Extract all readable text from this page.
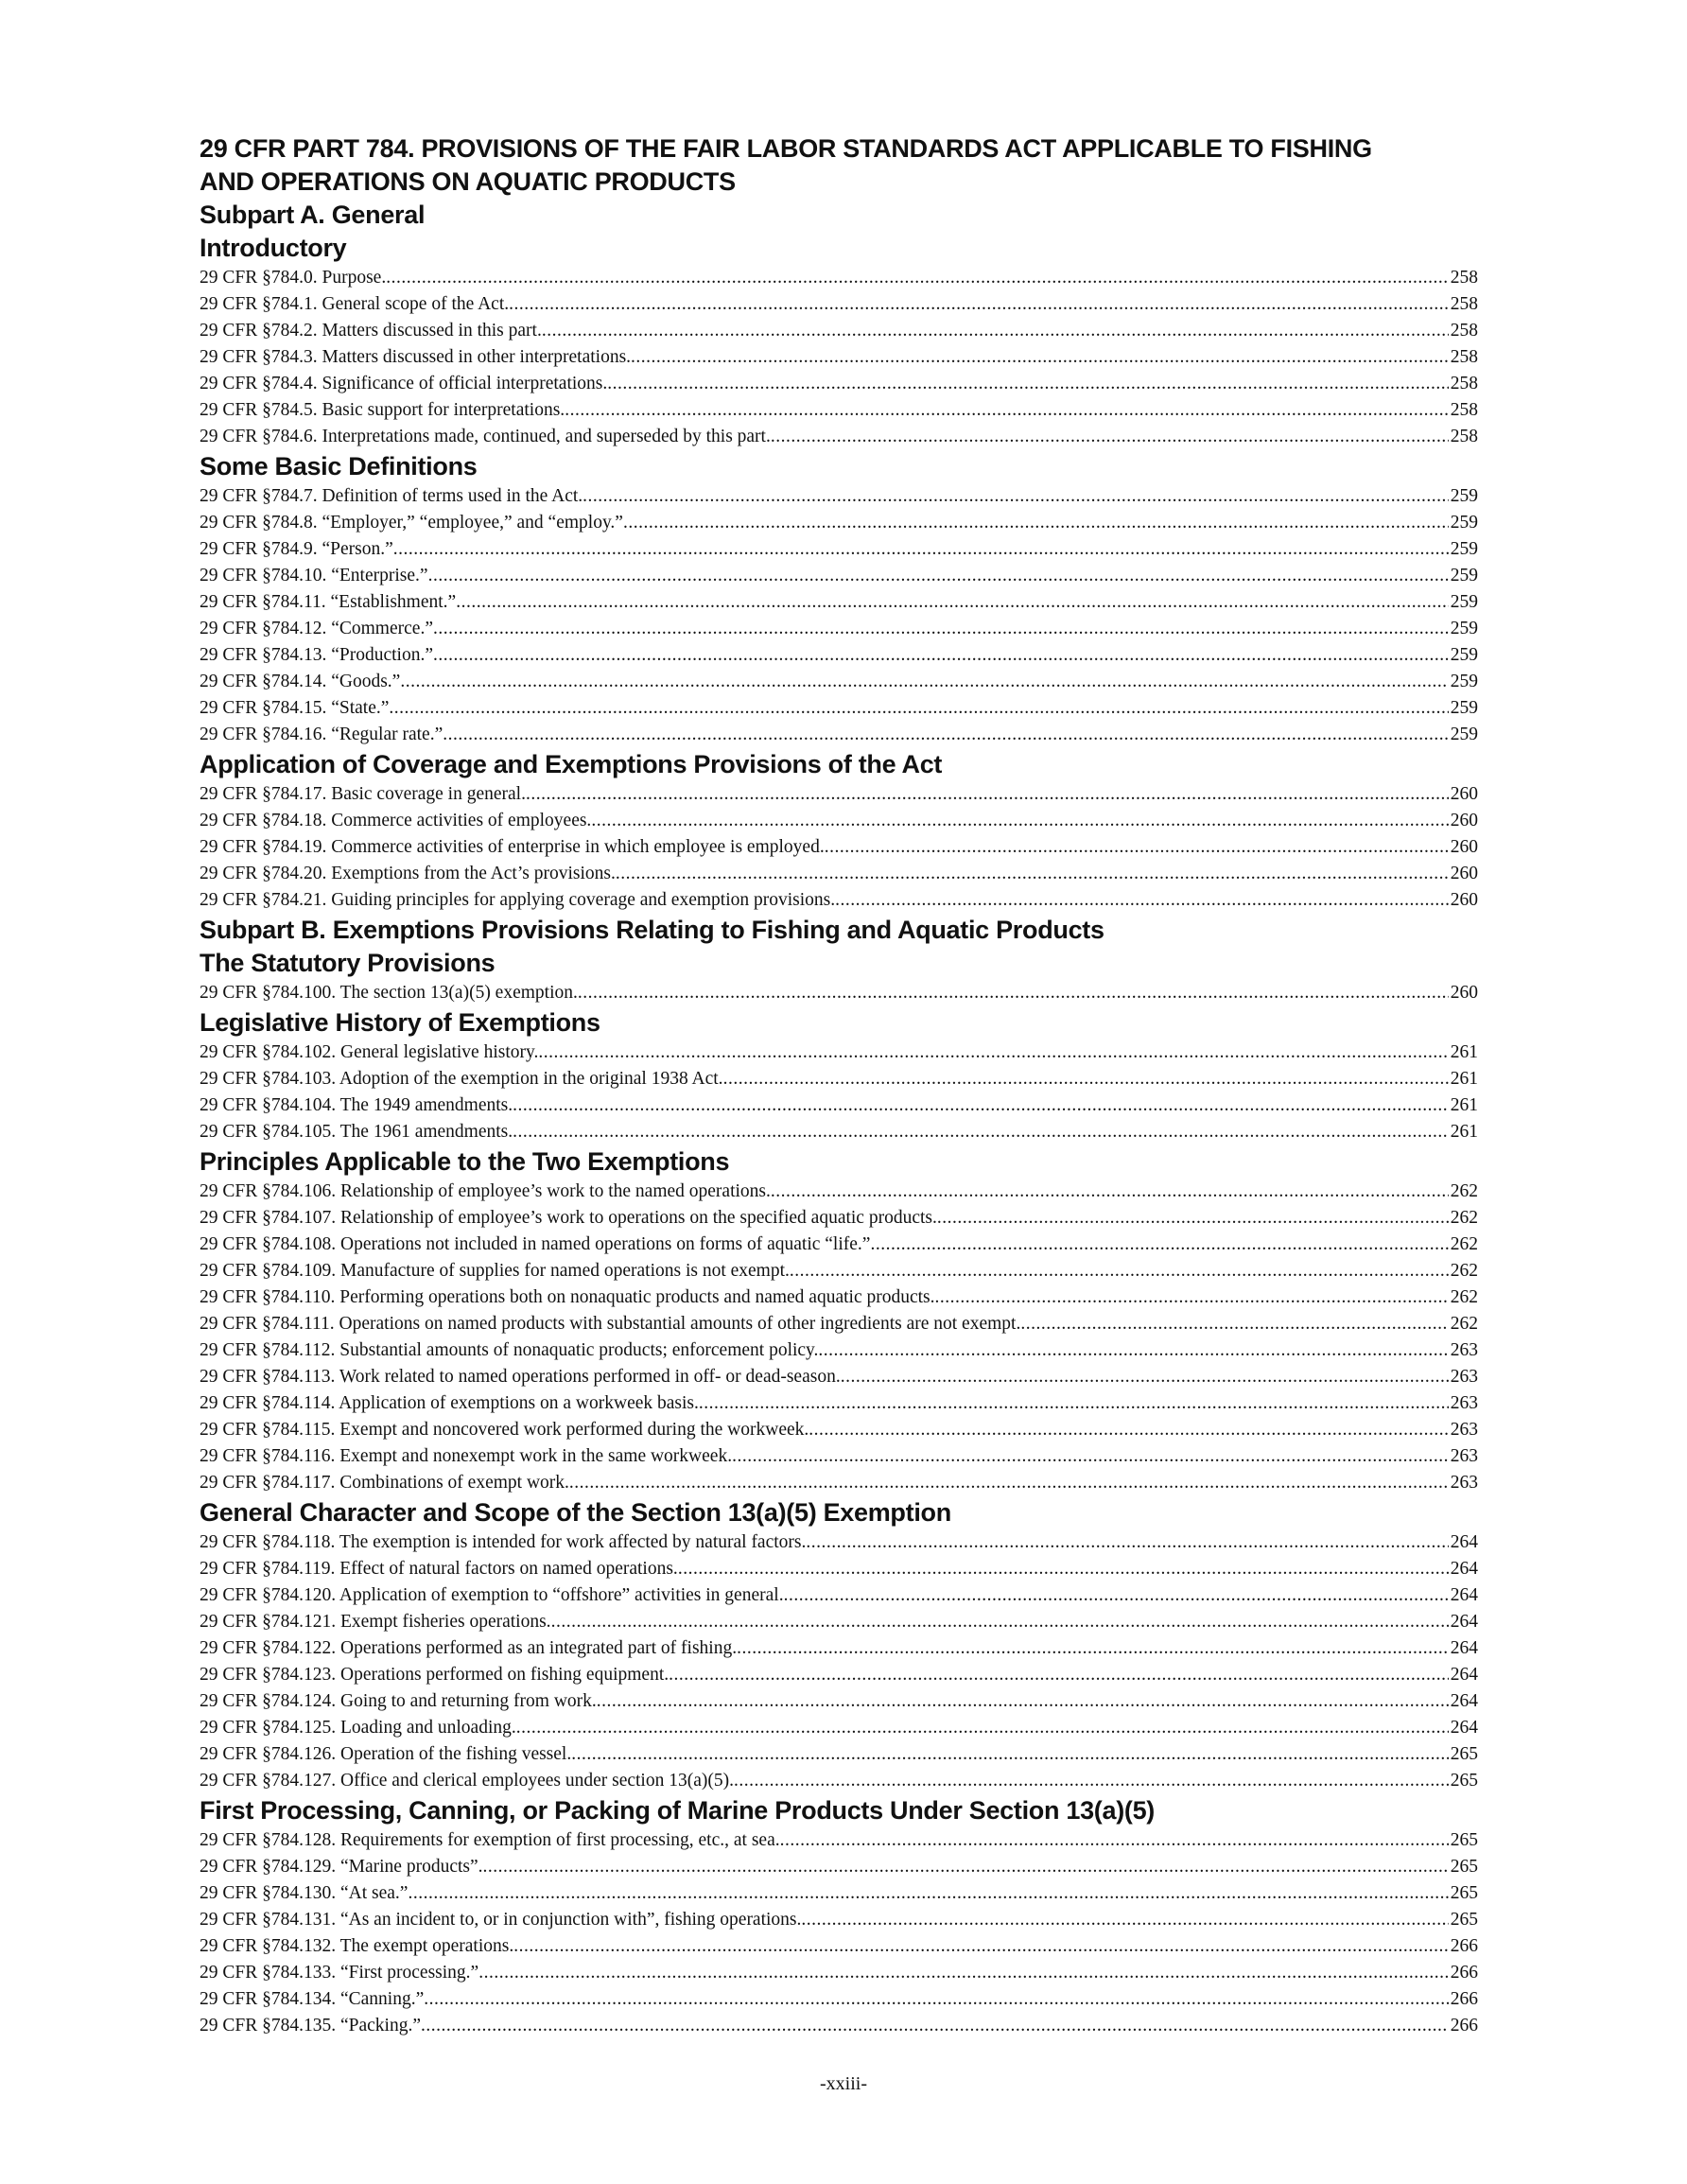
29 CFR PART 784. PROVISIONS OF THE FAIR LABOR STANDARDS ACT APPLICABLE TO FISHING
AND OPERATIONS ON AQUATIC PRODUCTS
Subpart A. General
Introductory
29 CFR §784.0. Purpose. .....	258
29 CFR §784.1. General scope of the Act. .....	258
29 CFR §784.2. Matters discussed in this part. .....	258
29 CFR §784.3. Matters discussed in other interpretations. .....	258
29 CFR §784.4. Significance of official interpretations. .....	258
29 CFR §784.5. Basic support for interpretations. .....	258
29 CFR §784.6. Interpretations made, continued, and superseded by this part. .....	258
Some Basic Definitions
29 CFR §784.7. Definition of terms used in the Act. .....	259
29 CFR §784.8. “Employer,” “employee,” and “employ.” .....	259
29 CFR §784.9. “Person.” .....	259
29 CFR §784.10. “Enterprise.” .....	259
29 CFR §784.11. “Establishment.” .....	259
29 CFR §784.12. “Commerce.” .....	259
29 CFR §784.13. “Production.” .....	259
29 CFR §784.14. “Goods.” .....	259
29 CFR §784.15. “State.” .....	259
29 CFR §784.16. “Regular rate.” .....	259
Application of Coverage and Exemptions Provisions of the Act
29 CFR §784.17. Basic coverage in general. .....	260
29 CFR §784.18. Commerce activities of employees. .....	260
29 CFR §784.19. Commerce activities of enterprise in which employee is employed. .....	260
29 CFR §784.20. Exemptions from the Act’s provisions. .....	260
29 CFR §784.21. Guiding principles for applying coverage and exemption provisions. .....	260
Subpart B. Exemptions Provisions Relating to Fishing and Aquatic Products
The Statutory Provisions
29 CFR §784.100. The section 13(a)(5) exemption. .....	260
Legislative History of Exemptions
29 CFR §784.102. General legislative history. .....	261
29 CFR §784.103. Adoption of the exemption in the original 1938 Act. .....	261
29 CFR §784.104. The 1949 amendments. .....	261
29 CFR §784.105. The 1961 amendments. .....	261
Principles Applicable to the Two Exemptions
29 CFR §784.106. Relationship of employee’s work to the named operations. .....	262
29 CFR §784.107. Relationship of employee’s work to operations on the specified aquatic products. .....	262
29 CFR §784.108. Operations not included in named operations on forms of aquatic “life.” .....	262
29 CFR §784.109. Manufacture of supplies for named operations is not exempt. .....	262
29 CFR §784.110. Performing operations both on nonaquatic products and named aquatic products. .....	262
29 CFR §784.111. Operations on named products with substantial amounts of other ingredients are not exempt. .....	262
29 CFR §784.112. Substantial amounts of nonaquatic products; enforcement policy. .....	263
29 CFR §784.113. Work related to named operations performed in off- or dead-season. .....	263
29 CFR §784.114. Application of exemptions on a workweek basis. .....	263
29 CFR §784.115. Exempt and noncovered work performed during the workweek. .....	263
29 CFR §784.116. Exempt and nonexempt work in the same workweek. .....	263
29 CFR §784.117. Combinations of exempt work. .....	263
General Character and Scope of the Section 13(a)(5) Exemption
29 CFR §784.118. The exemption is intended for work affected by natural factors. .....	264
29 CFR §784.119. Effect of natural factors on named operations. .....	264
29 CFR §784.120. Application of exemption to “offshore” activities in general. .....	264
29 CFR §784.121. Exempt fisheries operations. .....	264
29 CFR §784.122. Operations performed as an integrated part of fishing. .....	264
29 CFR §784.123. Operations performed on fishing equipment. .....	264
29 CFR §784.124. Going to and returning from work. .....	264
29 CFR §784.125. Loading and unloading. .....	264
29 CFR §784.126. Operation of the fishing vessel. .....	265
29 CFR §784.127. Office and clerical employees under section 13(a)(5). .....	265
First Processing, Canning, or Packing of Marine Products Under Section 13(a)(5)
29 CFR §784.128. Requirements for exemption of first processing, etc., at sea. .....	265
29 CFR §784.129. “Marine products”. .....	265
29 CFR §784.130. “At sea.” .....	265
29 CFR §784.131. “As an incident to, or in conjunction with”, fishing operations. .....	265
29 CFR §784.132. The exempt operations. .....	266
29 CFR §784.133. “First processing.” .....	266
29 CFR §784.134. “Canning.” .....	266
29 CFR §784.135. “Packing.” .....	266
-xxiii-
